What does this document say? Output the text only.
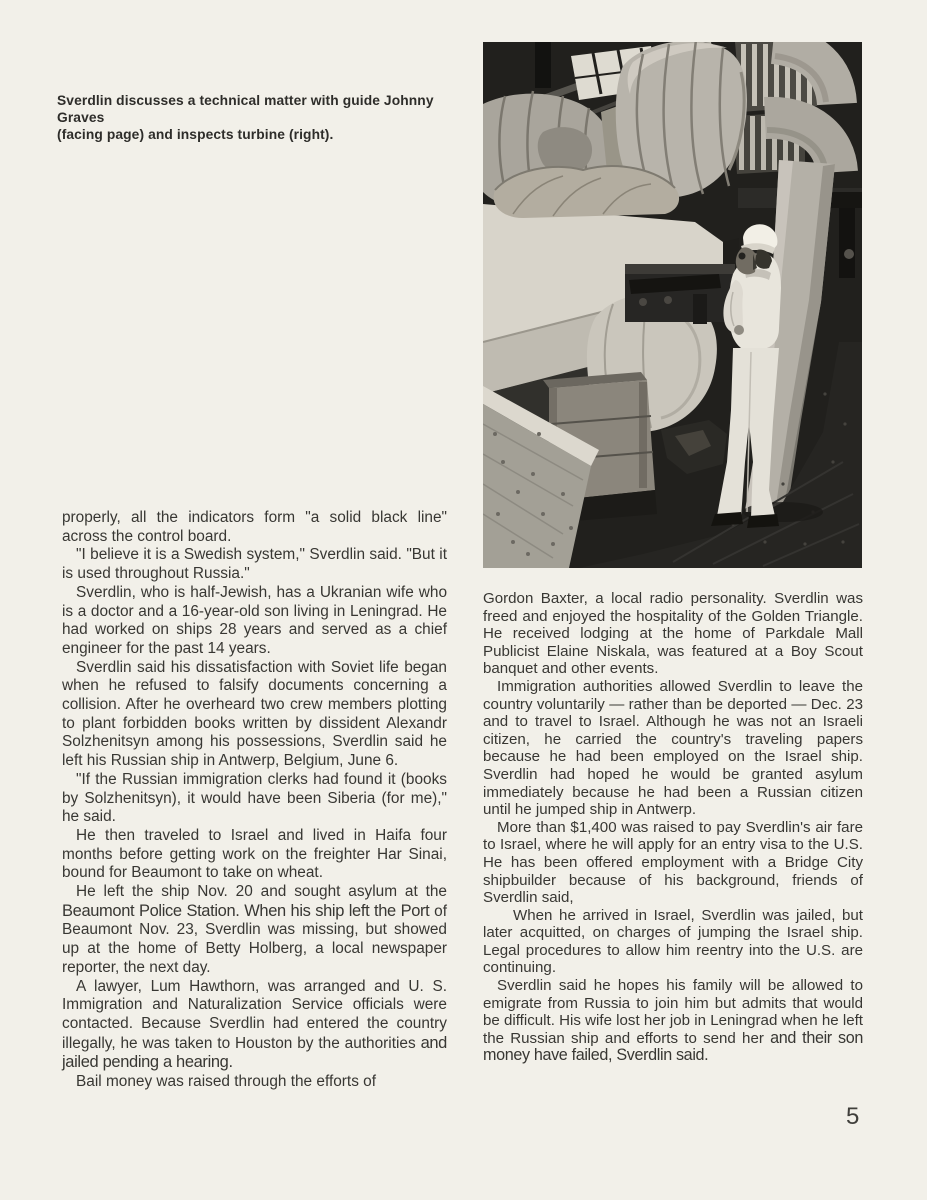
Sverdlin discusses a technical matter with guide Johnny Graves
(facing page) and inspects turbine (right).

properly, all the indicators form "a solid black line" across the control board.

"I believe it is a Swedish system," Sverdlin said. "But it is used throughout Russia."

Sverdlin, who is half-Jewish, has a Ukranian wife who is a doctor and a 16-year-old son living in Leningrad. He had worked on ships 28 years and served as a chief engineer for the past 14 years.

Sverdlin said his dissatisfaction with Soviet life began when he refused to falsify documents concerning a collision. After he overheard two crew members plotting to plant forbidden books written by dissident Alexandr Solzhenitsyn among his possessions, Sverdlin said he left his Russian ship in Antwerp, Belgium, June 6.

"If the Russian immigration clerks had found it (books by Solzhenitsyn), it would have been Siberia (for me)," he said.

He then traveled to Israel and lived in Haifa four months before getting work on the freighter Har Sinai, bound for Beaumont to take on wheat.

He left the ship Nov. 20 and sought asylum at the Beaumont Police Station. When his ship left the Port of Beaumont Nov. 23, Sverdlin was missing, but showed up at the home of Betty Holberg, a local newspaper reporter, the next day.

A lawyer, Lum Hawthorn, was arranged and U. S. Immigration and Naturalization Service officials were contacted. Because Sverdlin had entered the country illegally, he was taken to Houston by the authorities and jailed pending a hearing.

Bail money was raised through the efforts of

Gordon Baxter, a local radio personality. Sverdlin was freed and enjoyed the hospitality of the Golden Triangle. He received lodging at the home of Parkdale Mall Publicist Elaine Niskala, was featured at a Boy Scout banquet and other events.

Immigration authorities allowed Sverdlin to leave the country voluntarily — rather than be deported — Dec. 23 and to travel to Israel. Although he was not an Israeli citizen, he carried the country's traveling papers because he had been employed on the Israel ship. Sverdlin had hoped he would be granted asylum immediately because he had been a Russian citizen until he jumped ship in Antwerp.

More than $1,400 was raised to pay Sverdlin's air fare to Israel, where he will apply for an entry visa to the U.S. He has been offered employment with a Bridge City shipbuilder because of his background, friends of Sverdlin said,

When he arrived in Israel, Sverdlin was jailed, but later acquitted, on charges of jumping the Israel ship. Legal procedures to allow him reentry into the U.S. are continuing.

Sverdlin said he hopes his family will be allowed to emigrate from Russia to join him but admits that would be difficult. His wife lost her job in Leningrad when he left the Russian ship and efforts to send her and their son money have failed, Sverdlin said.

5
